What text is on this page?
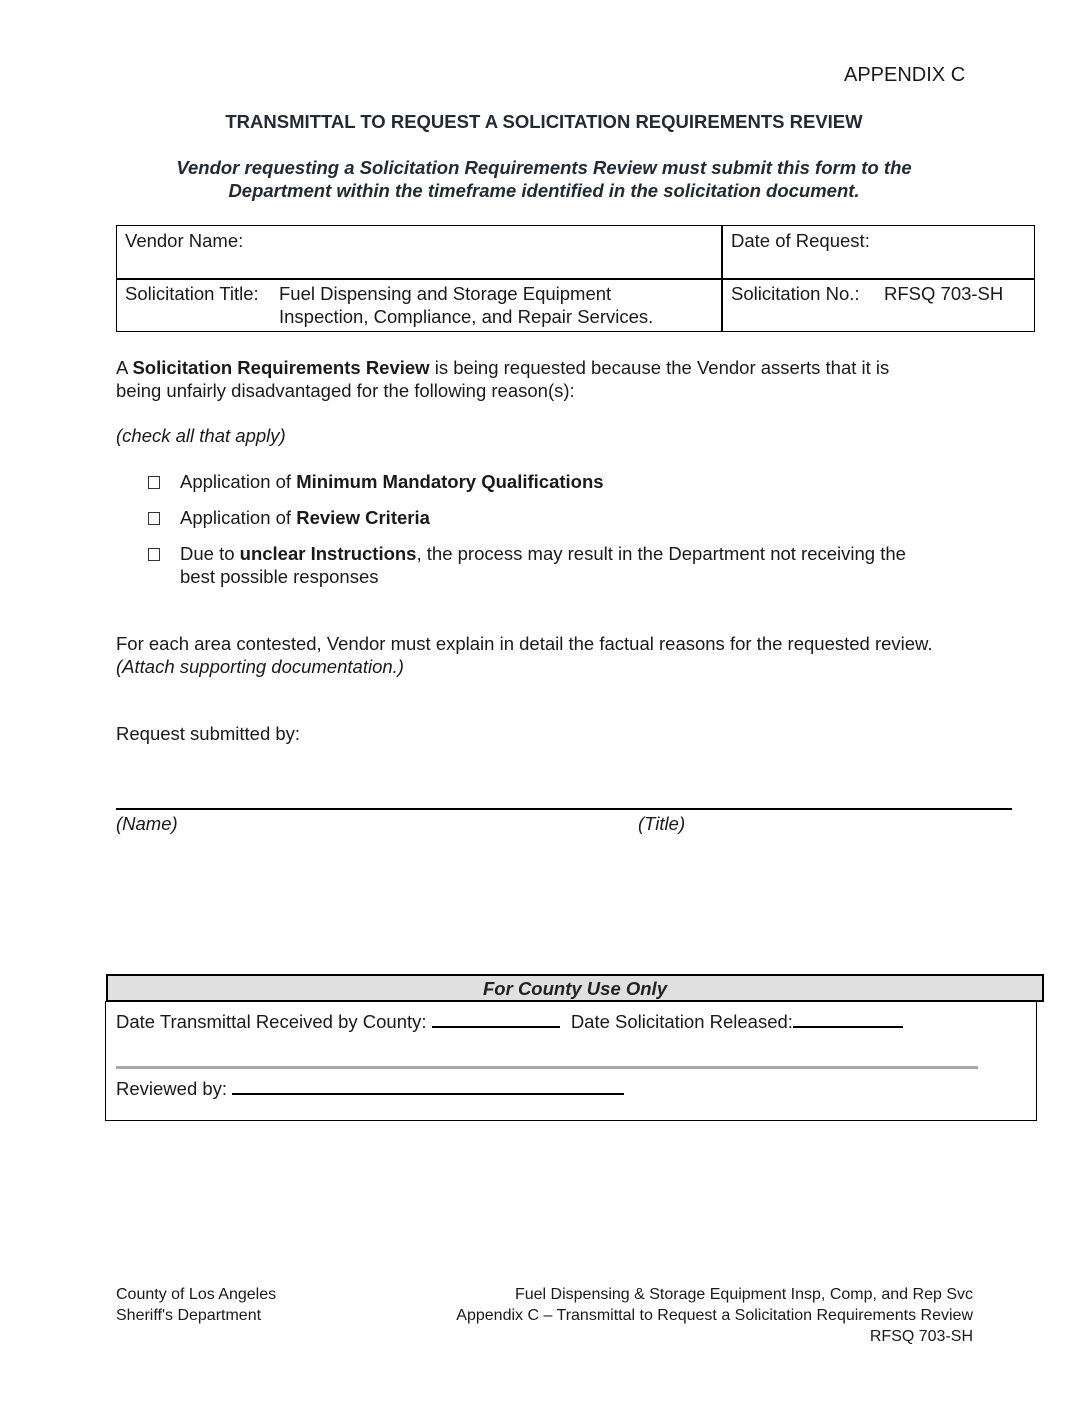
APPENDIX C
TRANSMITTAL TO REQUEST A SOLICITATION REQUIREMENTS REVIEW
Vendor requesting a Solicitation Requirements Review must submit this form to the
Department within the timeframe identified in the solicitation document.
Vendor Name:	Date of Request:
Solicitation Title: Fuel Dispensing and Storage Equipment
Inspection, Compliance, and Repair Services.
Solicitation No.: RFSQ 703-SH
A Solicitation Requirements Review is being requested because the Vendor asserts that it is
being unfairly disadvantaged for the following reason(s):
(check all that apply)
Application of Minimum Mandatory Qualifications
Application of Review Criteria
Due to unclear Instructions, the process may result in the Department not receiving the
best possible responses
For each area contested, Vendor must explain in detail the factual reasons for the requested review.
(Attach supporting documentation.)
Request submitted by:
(Name)	(Title)
For County Use Only
Date Transmittal Received by County:	Date Solicitation Released:
Reviewed by:
County of Los Angeles
Sheriff's Department
Fuel Dispensing & Storage Equipment Insp, Comp, and Rep Svc
Appendix C – Transmittal to Request a Solicitation Requirements Review
RFSQ 703-SH
